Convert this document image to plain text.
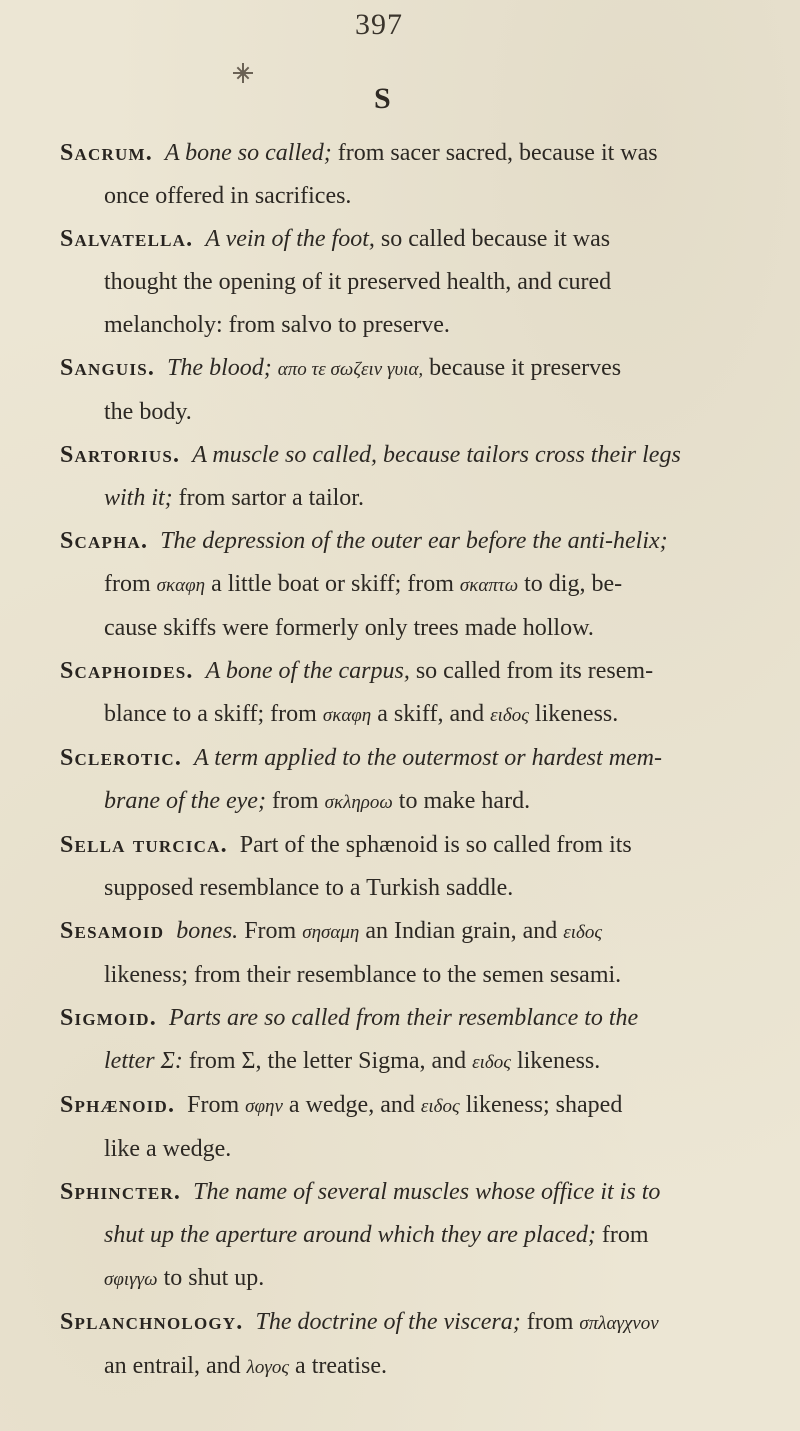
397
S
Sacrum. A bone so called; from sacer sacred, because it was
once offered in sacrifices.
Salvatella. A vein of the foot, so called because it was
thought the opening of it preserved health, and cured
melancholy: from salvo to preserve.
Sanguis. The blood; απο τε σωζειν γυια, because it preserves
the body.
Sartorius. A muscle so called, because tailors cross their legs
with it; from sartor a tailor.
Scapha. The depression of the outer ear before the anti-helix;
from σκαφη a little boat or skiff; from σκαπτω to dig, be-
cause skiffs were formerly only trees made hollow.
Scaphoides. A bone of the carpus, so called from its resem-
blance to a skiff; from σκαφη a skiff, and ειδος likeness.
Sclerotic. A term applied to the outermost or hardest mem-
brane of the eye; from σκληροω to make hard.
Sella turcica. Part of the sphænoid is so called from its
supposed resemblance to a Turkish saddle.
Sesamoid bones. From σησαμη an Indian grain, and ειδος
likeness; from their resemblance to the semen sesami.
Sigmoid. Parts are so called from their resemblance to the
letter Σ: from Σ, the letter Sigma, and ειδος likeness.
Sphænoid. From σφην a wedge, and ειδος likeness; shaped
like a wedge.
Sphincter. The name of several muscles whose office it is to
shut up the aperture around which they are placed; from
σφιγγω to shut up.
Splanchnology. The doctrine of the viscera; from σπλαγχνον
an entrail, and λογος a treatise.
